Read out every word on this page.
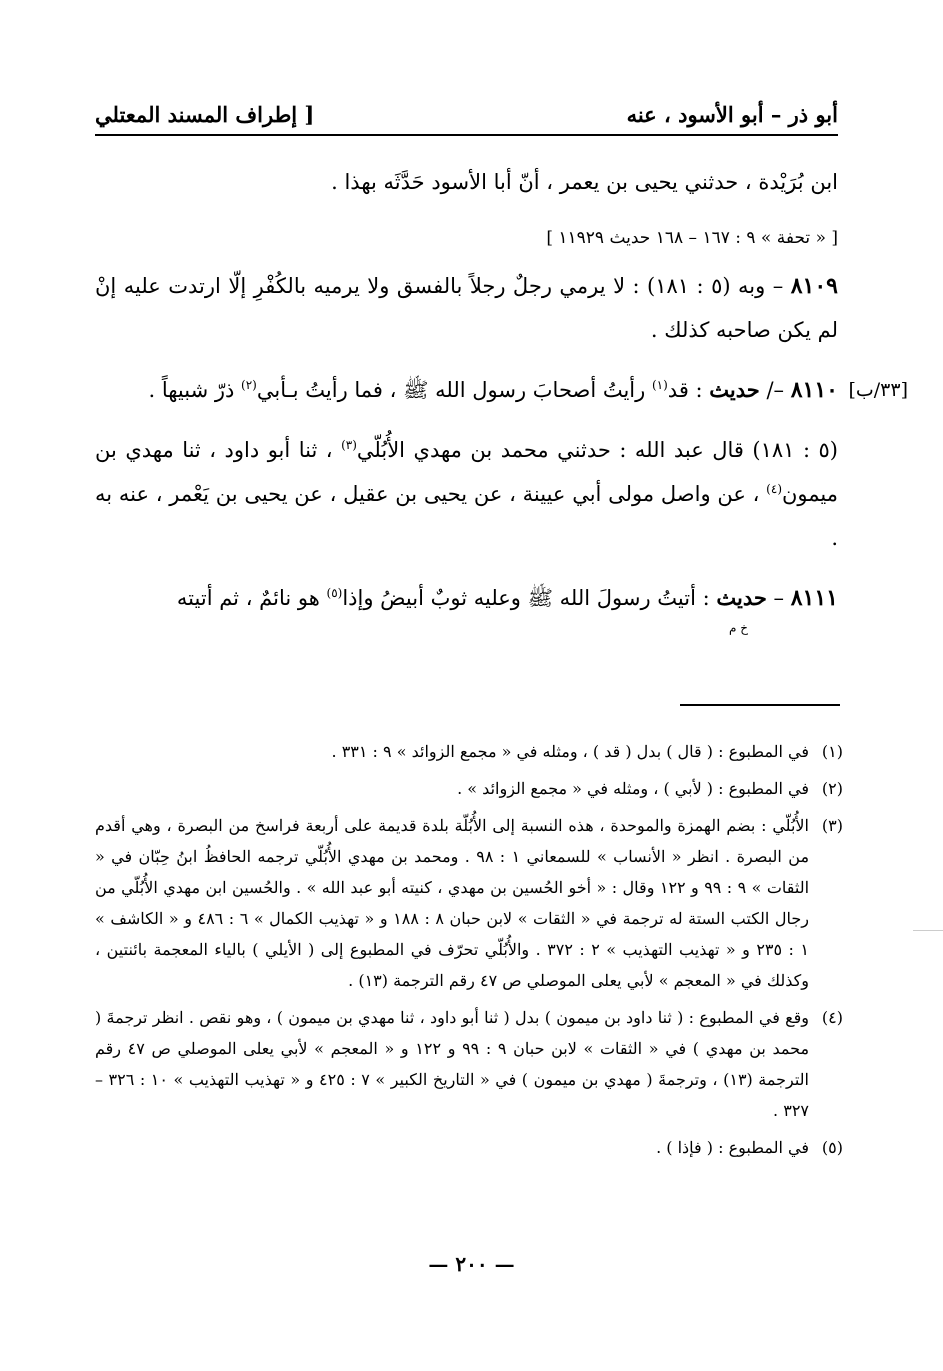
أبو ذر – أبو الأسود ، عنه
[ إطراف المسند المعتلي

ابن بُرَيْدة ، حدثني يحيى بن يعمر ، أنّ أبا الأسود حَدَّثَه بهذا .

[ « تحفة » ٩ : ١٦٧ – ١٦٨ حديث ١١٩٢٩ ]

٨١٠٩ – وبه (٥ : ١٨١) : لا يرمي رجلٌ رجلاً بالفسق ولا يرميه بالكُفْرِ إلّا ارتدت عليه إنْ لم يكن صاحبه كذلك .

[٣٣/ب]
٨١١٠ –/ حديث : قد$^{(١)}$ رأيتُ أصحابَ رسول الله ﷺ ، فما رأيتُ بـأبي$^{(٢)}$ ذرّ شبيهاً .

(٥ : ١٨١) قال عبد الله : حدثني محمد بن مهدي الأُبُلّي$^{(٣)}$ ، ثنا أبو داود ، ثنا مهدي بن ميمون$^{(٤)}$ ، عن واصل مولى أبي عيينة ، عن يحيى بن عقيل ، عن يحيى بن يَعْمر ، عنه به .

٨١١١ – حديث : أتيتُ رسولَ الله ﷺ وعليه ثوبٌ أبيضُ وإذا$^{(٥)}$ هو نائمٌ ، ثم أتيته
خ م

(١)
في المطبوع : ( قال ) بدل ( قد ) ، ومثله في « مجمع الزوائد » ٩ : ٣٣١ .

(٢)
في المطبوع : ( لأبي ) ، ومثله في « مجمع الزوائد » .

(٣)
الأُبُلّي : بضم الهمزة والموحدة ، هذه النسبة إلى الأُبُلّة بلدة قديمة على أربعة فراسخ من البصرة ، وهي أقدم من البصرة . انظر « الأنساب » للسمعاني ١ : ٩٨ . ومحمد بن مهدي الأُبُلّي ترجمه الحافظُ ابنُ حِبّان في « الثقات » ٩ : ٩٩ و ١٢٢ وقال : « أخو الحُسين بن مهدي ، كنيته أبو عبد الله » . والحُسين ابن مهدي الأُبُلّي من رجال الكتب الستة له ترجمة في « الثقات » لابن حبان ٨ : ١٨٨ و « تهذيب الكمال » ٦ : ٤٨٦ و « الكاشف » ١ : ٢٣٥ و « تهذيب التهذيب » ٢ : ٣٧٢ . والأُبُلّي تحرّف في المطبوع إلى ( الأيلي ) بالياء المعجمة بائنتين ، وكذلك في « المعجم » لأبي يعلى الموصلي ص ٤٧ رقم الترجمة (١٣) .

(٤)
وقع في المطبوع : ( ثنا داود بن ميمون ) بدل ( ثنا أبو داود ، ثنا مهدي بن ميمون ) ، وهو نقص . انظر ترجمةَ ( محمد بن مهدي ) في « الثقات » لابن حبان ٩ : ٩٩ و ١٢٢ و « المعجم » لأبي يعلى الموصلي ص ٤٧ رقم الترجمة (١٣) ، وترجمةَ ( مهدي بن ميمون ) في « التاريخ الكبير » ٧ : ٤٢٥ و « تهذيب التهذيب » ١٠ : ٣٢٦ – ٣٢٧ .

(٥)
في المطبوع : ( فإذا ) .

— ٢٠٠ —
